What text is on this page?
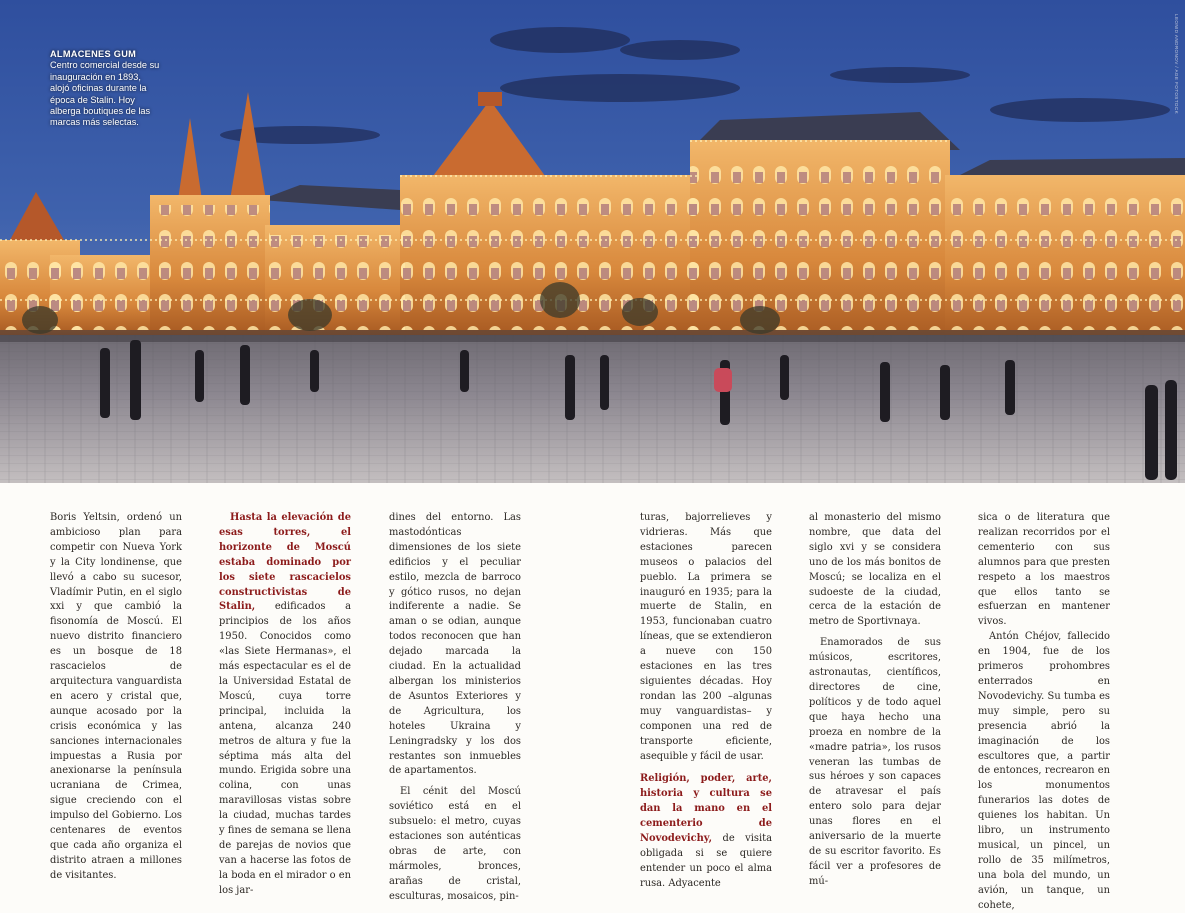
ALMACENES GUM
Centro comercial desde su inauguración en 1893, alojó oficinas durante la época de Stalin. Hoy alberga boutiques de las marcas más selectas.
LEONID ANDRONOV / AGE FOTOSTOCK

Boris Yeltsin, ordenó un ambicioso plan para competir con Nueva York y la City londinense, que llevó a cabo su sucesor, Vladímir Putin, en el siglo xxi y que cambió la fisonomía de Moscú. El nuevo distrito financiero es un bosque de 18 rascacielos de arquitectura vanguardista en acero y cristal que, aunque acosado por la crisis económica y las sanciones internacionales impuestas a Rusia por anexionarse la península ucraniana de Crimea, sigue creciendo con el impulso del Gobierno. Los centenares de eventos que cada año organiza el distrito atraen a millones de visitantes.

Hasta la elevación de esas torres, el horizonte de Moscú estaba dominado por los siete rascacielos constructivistas de Stalin, edificados a principios de los años 1950. Conocidos como «las Siete Hermanas», el más espectacular es el de la Universidad Estatal de Moscú, cuya torre principal, incluida la antena, alcanza 240 metros de altura y fue la séptima más alta del mundo. Erigida sobre una colina, con unas maravillosas vistas sobre la ciudad, muchas tardes y fines de semana se llena de parejas de novios que van a hacerse las fotos de la boda en el mirador o en los jar-

dines del entorno. Las mastodónticas dimensiones de los siete edificios y el peculiar estilo, mezcla de barroco y gótico rusos, no dejan indiferente a nadie. Se aman o se odian, aunque todos reconocen que han dejado marcada la ciudad. En la actualidad albergan los ministerios de Asuntos Exteriores y de Agricultura, los hoteles Ukraina y Leningradsky y los dos restantes son inmuebles de apartamentos.

El cénit del Moscú soviético está en el subsuelo: el metro, cuyas estaciones son auténticas obras de arte, con mármoles, bronces, arañas de cristal, esculturas, mosaicos, pin-

turas, bajorrelieves y vidrieras. Más que estaciones parecen museos o palacios del pueblo. La primera se inauguró en 1935; para la muerte de Stalin, en 1953, funcionaban cuatro líneas, que se extendieron a nueve con 150 estaciones en las tres siguientes décadas. Hoy rondan las 200 –algunas muy vanguardistas– y componen una red de transporte eficiente, asequible y fácil de usar.

Religión, poder, arte, historia y cultura se dan la mano en el cementerio de Novodevichy, de visita obligada si se quiere entender un poco el alma rusa. Adyacente

al monasterio del mismo nombre, que data del siglo xvi y se considera uno de los más bonitos de Moscú; se localiza en el sudoeste de la ciudad, cerca de la estación de metro de Sportivnaya.

Enamorados de sus músicos, escritores, astronautas, científicos, directores de cine, políticos y de todo aquel que haya hecho una proeza en nombre de la «madre patria», los rusos veneran las tumbas de sus héroes y son capaces de atravesar el país entero solo para dejar unas flores en el aniversario de la muerte de su escritor favorito. Es fácil ver a profesores de mú-

sica o de literatura que realizan recorridos por el cementerio con sus alumnos para que presten respeto a los maestros que ellos tanto se esfuerzan en mantener vivos.

Antón Chéjov, fallecido en 1904, fue de los primeros prohombres enterrados en Novodevichy. Su tumba es muy simple, pero su presencia abrió la imaginación de los escultores que, a partir de entonces, recrearon en los monumentos funerarios las dotes de quienes los habitan. Un libro, un instrumento musical, un pincel, un rollo de 35 milímetros, una bola del mundo, un avión, un tanque, un cohete,
